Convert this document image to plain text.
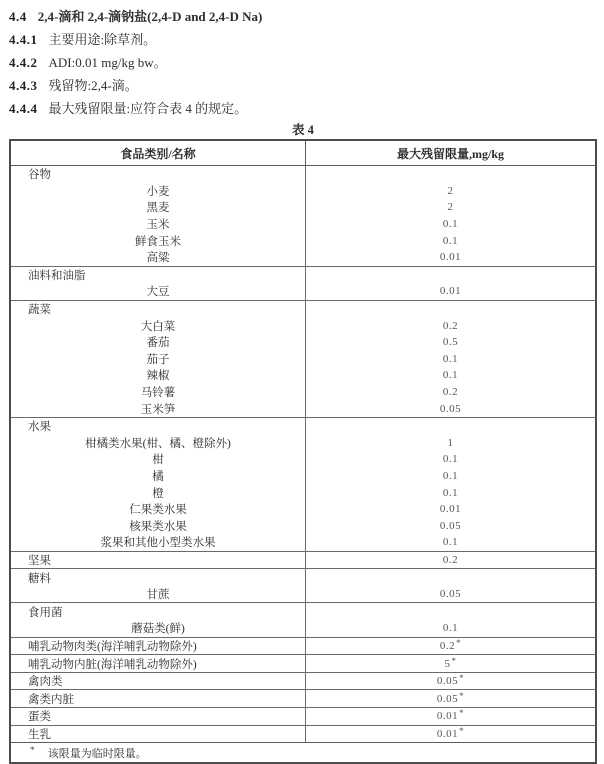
4.4 2,4-滴和 2,4-滴钠盐(2,4-D and 2,4-D Na)
4.4.1 主要用途:除草剂。
4.4.2 ADI:0.01 mg/kg bw。
4.4.3 残留物:2,4-滴。
4.4.4 最大残留限量:应符合表 4 的规定。
表 4
食品类别/名称	最大残留限量,mg/kg
谷物
小麦	2
黑麦	2
玉米	0.1
鲜食玉米	0.1
高粱	0.01
油料和油脂
大豆	0.01
蔬菜
大白菜	0.2
番茄	0.5
茄子	0.1
辣椒	0.1
马铃薯	0.2
玉米笋	0.05
水果
柑橘类水果(柑、橘、橙除外)	1
柑	0.1
橘	0.1
橙	0.1
仁果类水果	0.01
核果类水果	0.05
浆果和其他小型类水果	0.1
坚果	0.2
糖料
甘蔗	0.05
食用菌
蘑菇类(鲜)	0.1
哺乳动物肉类(海洋哺乳动物除外)	0.2 *
哺乳动物内脏(海洋哺乳动物除外)	5 *
禽肉类	0.05 *
禽类内脏	0.05 *
蛋类	0.01 *
生乳	0.01 *
* 该限量为临时限量。
